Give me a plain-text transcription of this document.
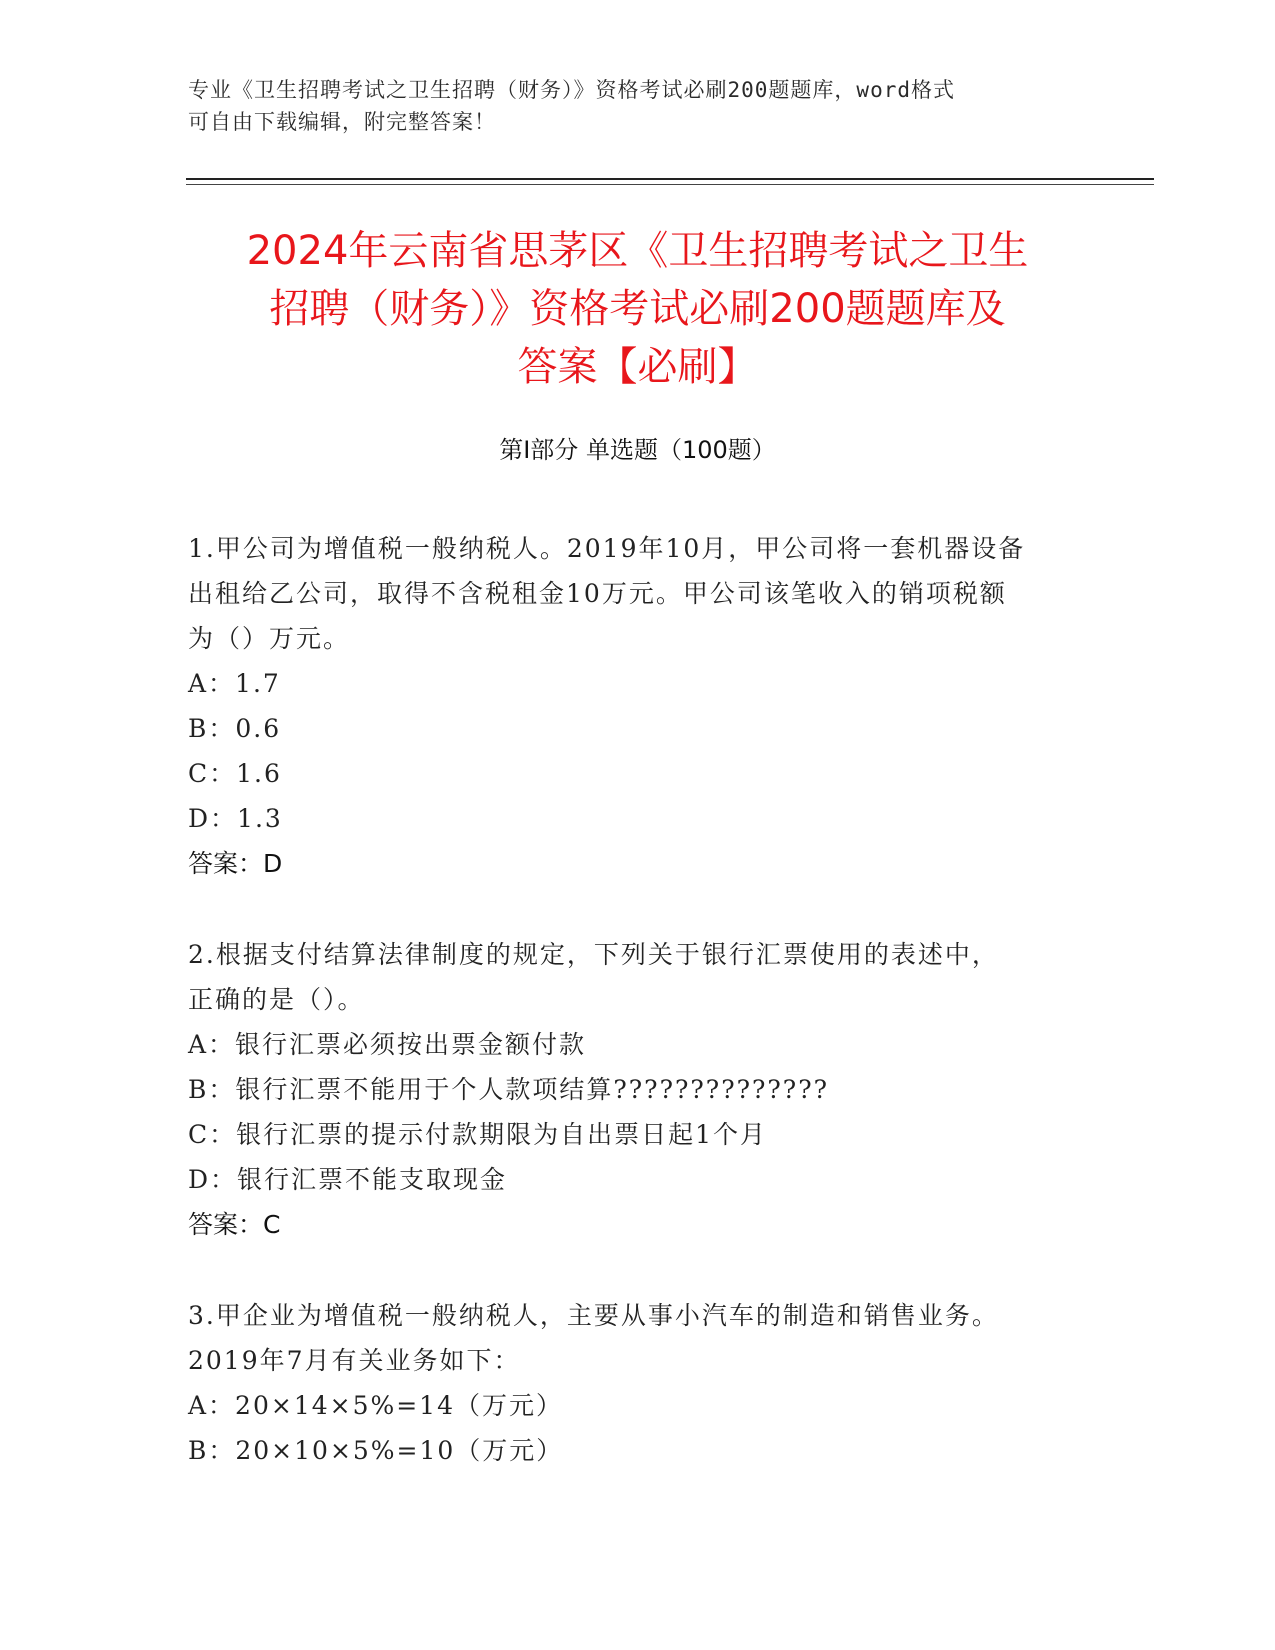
专业《卫生招聘考试之卫生招聘（财务）》资格考试必刷200题题库，word格式
可自由下载编辑，附完整答案！
2024年云南省思茅区《卫生招聘考试之卫生
招聘（财务）》资格考试必刷200题题库及
答案【必刷】
第Ⅰ部分 单选题（100题）
1.甲公司为增值税一般纳税人。2019年10月，甲公司将一套机器设备
出租给乙公司，取得不含税租金10万元。甲公司该笔收入的销项税额
为（）万元。
A：1.7
B：0.6
C：1.6
D：1.3
答案：D
2.根据支付结算法律制度的规定，下列关于银行汇票使用的表述中，
正确的是（）。
A：银行汇票必须按出票金额付款
B：银行汇票不能用于个人款项结算??????????????
C：银行汇票的提示付款期限为自出票日起1个月
D：银行汇票不能支取现金
答案：C
3.甲企业为增值税一般纳税人，主要从事小汽车的制造和销售业务。
2019年7月有关业务如下：
A：20×14×5%=14（万元）
B：20×10×5%=10（万元）
